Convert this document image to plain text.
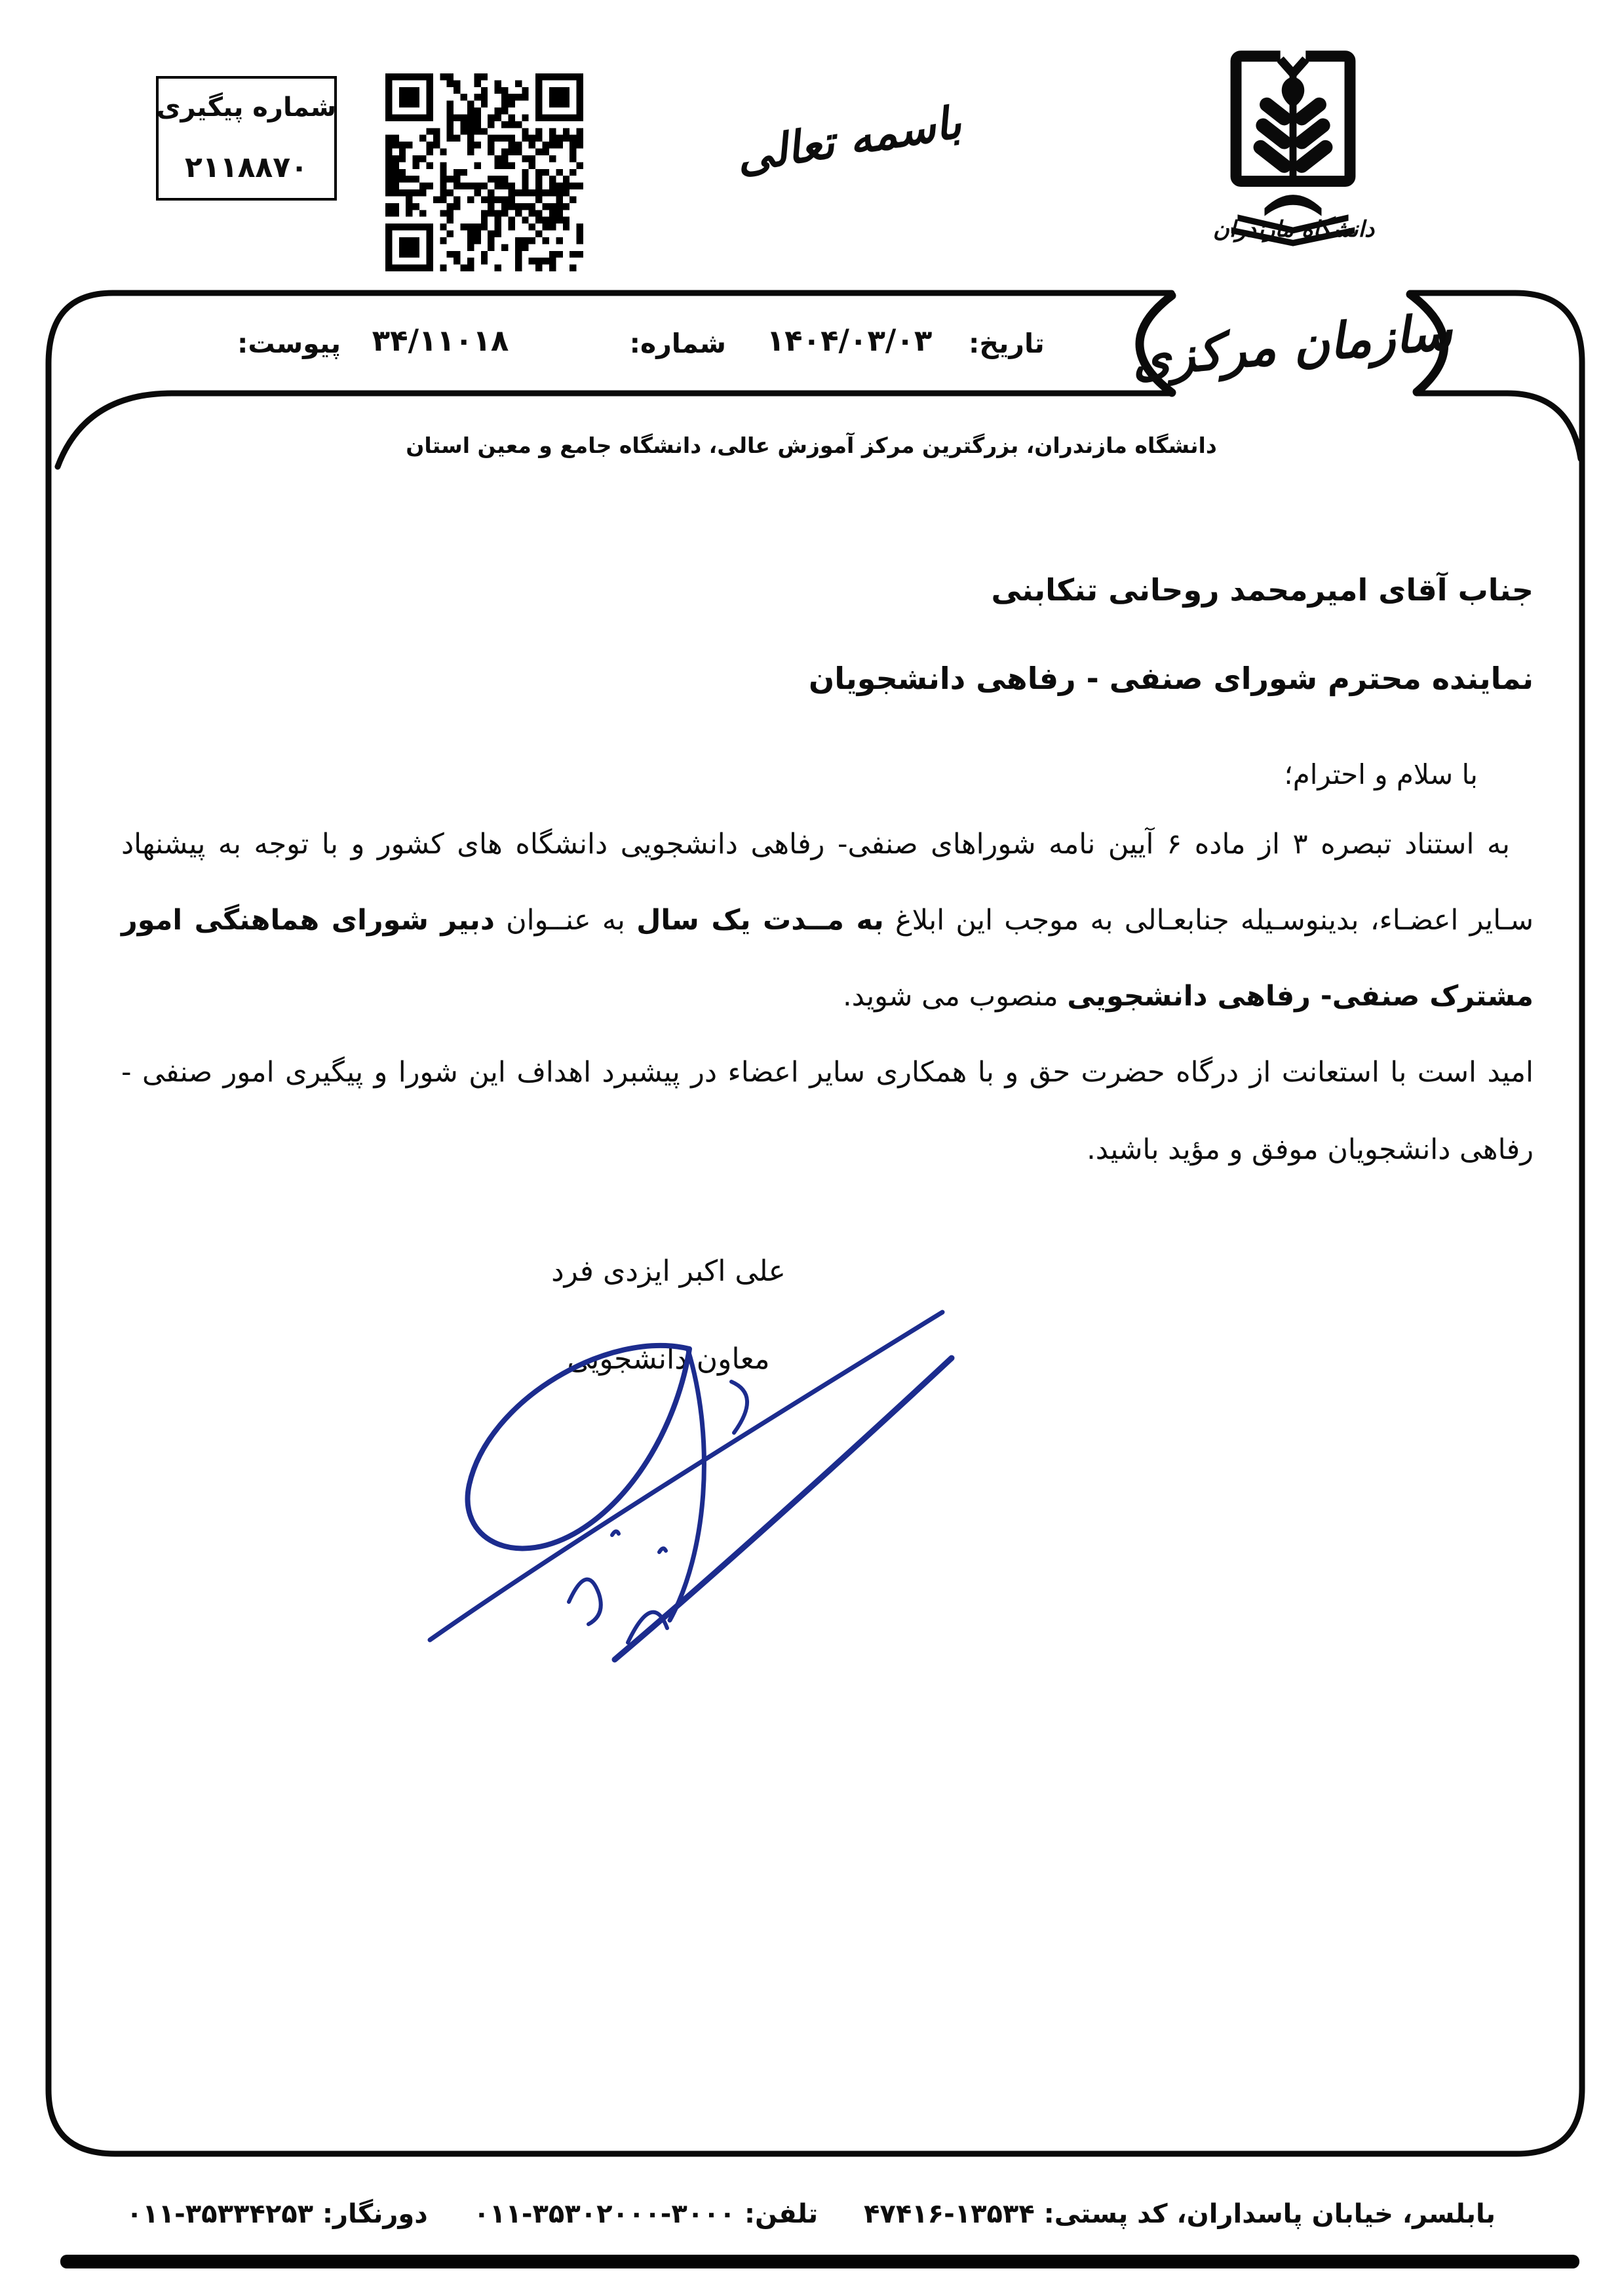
شماره پیگیری
۲۱۱۸۸۷۰	باسمه تعالی
دانشگاه مازندران
سازمان مرکزی
تاریخ:
۱۴۰۴/۰۳/۰۳
شماره:
۳۴/۱۱۰۱۸
پیوست:
دانشگاه مازندران، بزرگترین مرکز آموزش عالی، دانشگاه جامع و معین استان
جناب آقای امیرمحمد روحانی تنکابنی
نماینده محترم شورای صنفی - رفاهی دانشجویان
با سلام و احترام؛
به استناد تبصره ۳ از ماده ۶ آیین نامه شوراهای صنفی- رفاهی دانشجویی دانشگاه های کشور و با توجه به پیشنهاد
سـایر اعضـاء، بدینوسـیله جنابعـالی به موجب این ابلاغ به مــدت یک سال به عنــوان دبیر شورای هماهنگی امور
مشترک صنفی- رفاهی دانشجویی منصوب می شوید.
امید است با استعانت از درگاه حضرت حق و با همکاری سایر اعضاء در پیشبرد اهداف این شورا و پیگیری امور صنفی -
رفاهی دانشجویان موفق و مؤید باشید.
علی اکبر ایزدی فرد
معاون دانشجویی
بابلسر، خیابان پاسداران، کد پستی: ۴۷۴۱۶-۱۳۵۳۴  تلفن: ۰۱۱-۳۵۳۰۲۰۰۰-۳۰۰۰  دورنگار: ۰۱۱-۳۵۳۳۴۲۵۳
